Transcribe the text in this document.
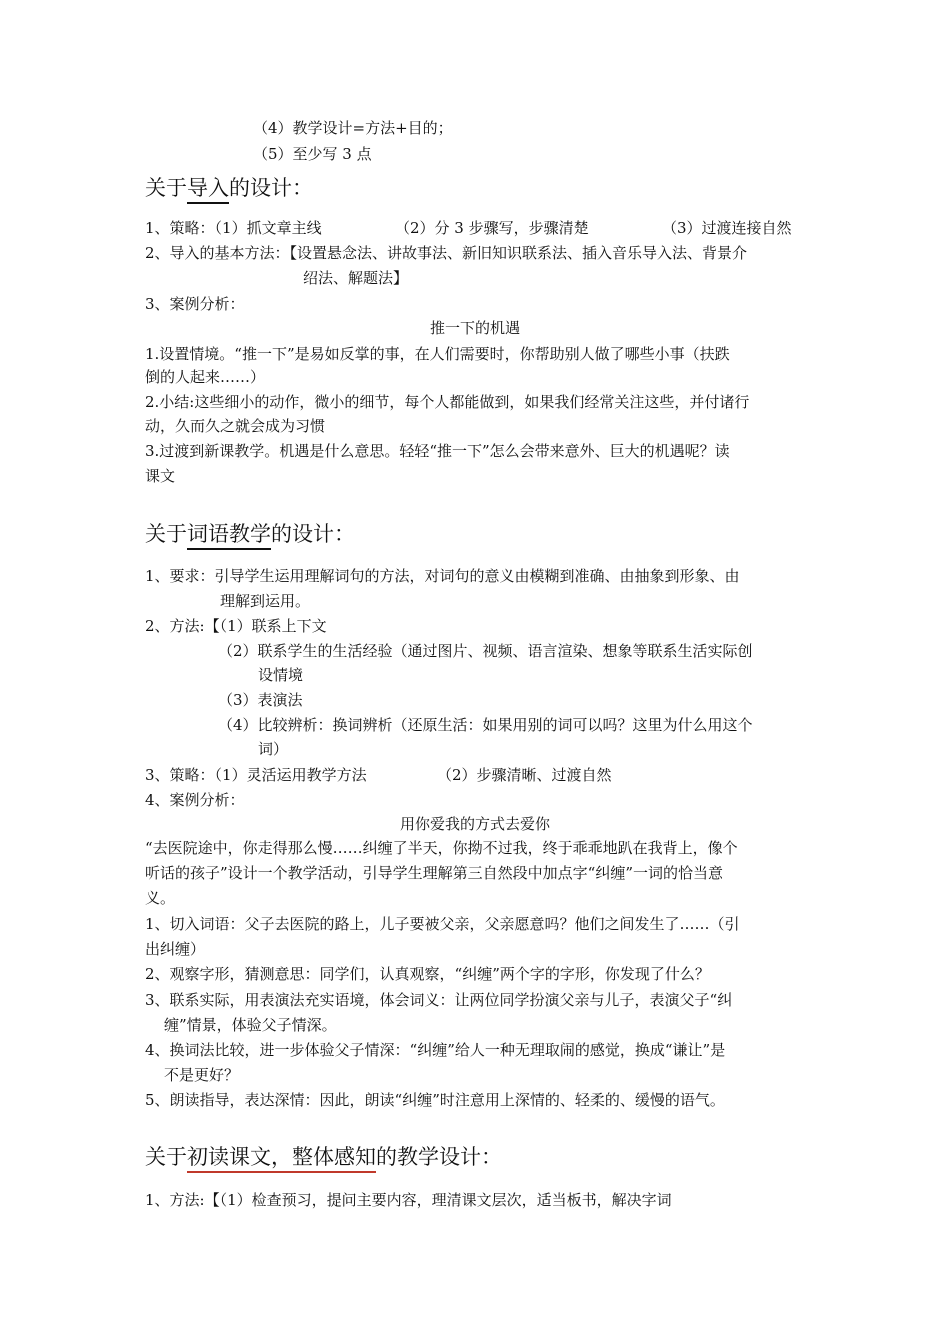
（4）教学设计=方法+目的；
（5）至少写 3 点
关于导入的设计：
1、策略：（1）抓文章主线	（2）分 3 步骤写，步骤清楚	（3）过渡连接自然
2、导入的基本方法：【设置悬念法、讲故事法、新旧知识联系法、插入音乐导入法、背景介
绍法、解题法】
3、案例分析：
推一下的机遇
1.设置情境。“推一下”是易如反掌的事，在人们需要时，你帮助别人做了哪些小事（扶跌
倒的人起来……）
2.小结:这些细小的动作，微小的细节，每个人都能做到，如果我们经常关注这些，并付诸行
动，久而久之就会成为习惯
3.过渡到新课教学。机遇是什么意思。轻轻“推一下”怎么会带来意外、巨大的机遇呢？读
课文
关于词语教学的设计：
1、要求：引导学生运用理解词句的方法，对词句的意义由模糊到准确、由抽象到形象、由
理解到运用。
2、方法:【（1）联系上下文
（2）联系学生的生活经验（通过图片、视频、语言渲染、想象等联系生活实际创
设情境
（3）表演法
（4）比较辨析：换词辨析（还原生活：如果用别的词可以吗？这里为什么用这个
词）
3、策略：（1）灵活运用教学方法	（2）步骤清晰、过渡自然
4、案例分析：
用你爱我的方式去爱你
“去医院途中，你走得那么慢……纠缠了半天，你拗不过我，终于乖乖地趴在我背上，像个
听话的孩子”设计一个教学活动，引导学生理解第三自然段中加点字“纠缠”一词的恰当意
义。
1、切入词语：父子去医院的路上，儿子要被父亲，父亲愿意吗？他们之间发生了……（引
出纠缠）
2、观察字形，猜测意思：同学们，认真观察，“纠缠”两个字的字形，你发现了什么？
3、联系实际，用表演法充实语境，体会词义：让两位同学扮演父亲与儿子，表演父子“纠
缠”情景，体验父子情深。
4、换词法比较，进一步体验父子情深：“纠缠”给人一种无理取闹的感觉，换成“谦让”是
不是更好？
5、朗读指导，表达深情：因此，朗读“纠缠”时注意用上深情的、轻柔的、缓慢的语气。
关于初读课文，整体感知的教学设计：
1、方法:【（1）检查预习，提问主要内容，理清课文层次，适当板书，解决字词
